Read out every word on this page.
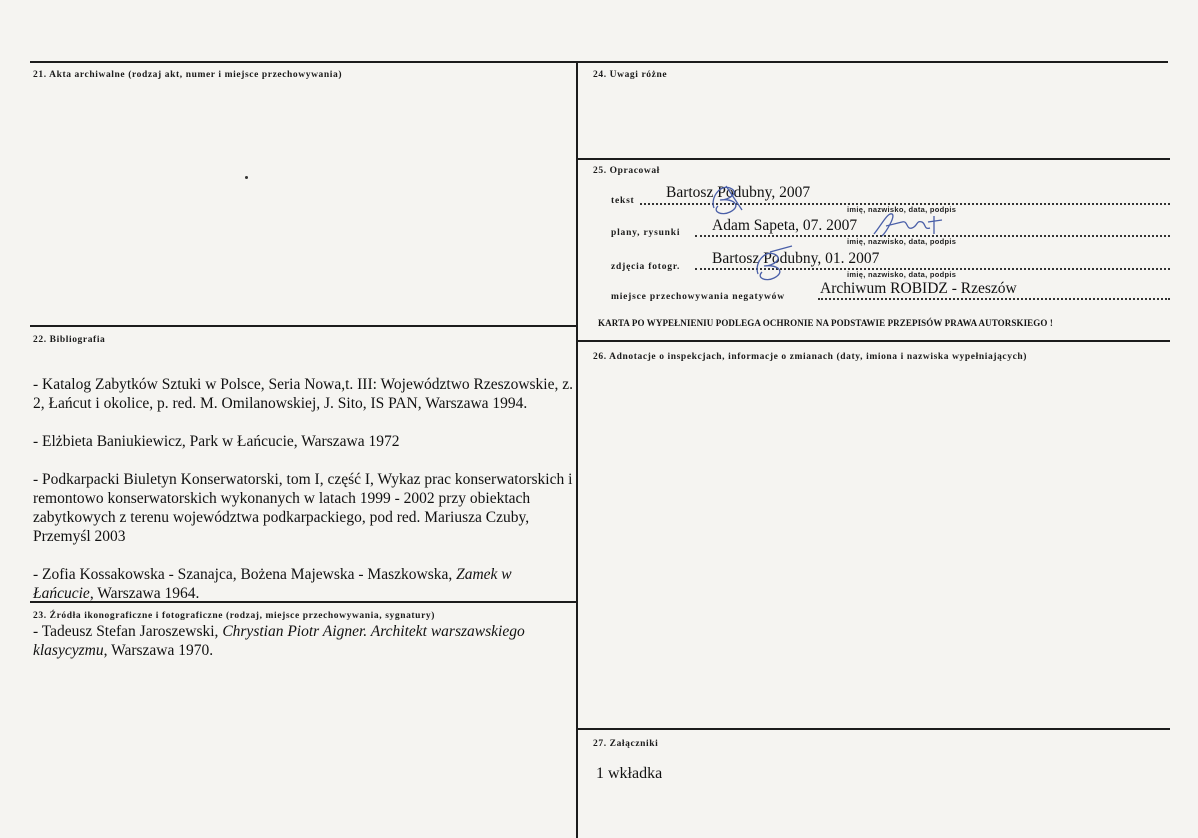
21. Akta archiwalne (rodzaj akt, numer i miejsce przechowywania)
22. Bibliografia

- Katalog Zabytków Sztuki w Polsce, Seria Nowa,t. III: Województwo Rzeszowskie, z. 2, Łańcut i okolice, p. red. M. Omilanowskiej, J. Sito, IS PAN, Warszawa 1994.

- Elżbieta Baniukiewicz, Park w Łańcucie, Warszawa 1972

- Podkarpacki Biuletyn Konserwatorski, tom I, część I, Wykaz prac konserwatorskich i remontowo konserwatorskich wykonanych w latach 1999 - 2002 przy obiektach zabytkowych z terenu województwa podkarpackiego, pod red. Mariusza Czuby, Przemyśl 2003

- Zofia Kossakowska - Szanajca, Bożena Majewska - Maszkowska, Zamek w Łańcucie, Warszawa 1964.

- Tadeusz Stefan Jaroszewski, Chrystian Piotr Aigner. Architekt warszawskiego klasycyzmu, Warszawa 1970.

23. Źródła ikonograficzne i fotograficzne (rodzaj, miejsce przechowywania, sygnatury)
24. Uwagi różne
25. Opracował
tekst Bartosz Podubny, 2007
imię, nazwisko, data, podpis
plany, rysunki Adam Sapeta, 07. 2007
imię, nazwisko, data, podpis
zdjęcia fotogr. Bartosz Podubny, 01. 2007
imię, nazwisko, data, podpis
miejsce przechowywania negatywów Archiwum ROBIDZ - Rzeszów
KARTA PO WYPEŁNIENIU PODLEGA OCHRONIE NA PODSTAWIE PRZEPISÓW PRAWA AUTORSKIEGO !
26. Adnotacje o inspekcjach, informacje o zmianach (daty, imiona i nazwiska wypełniających)
27. Załączniki
1 wkładka
